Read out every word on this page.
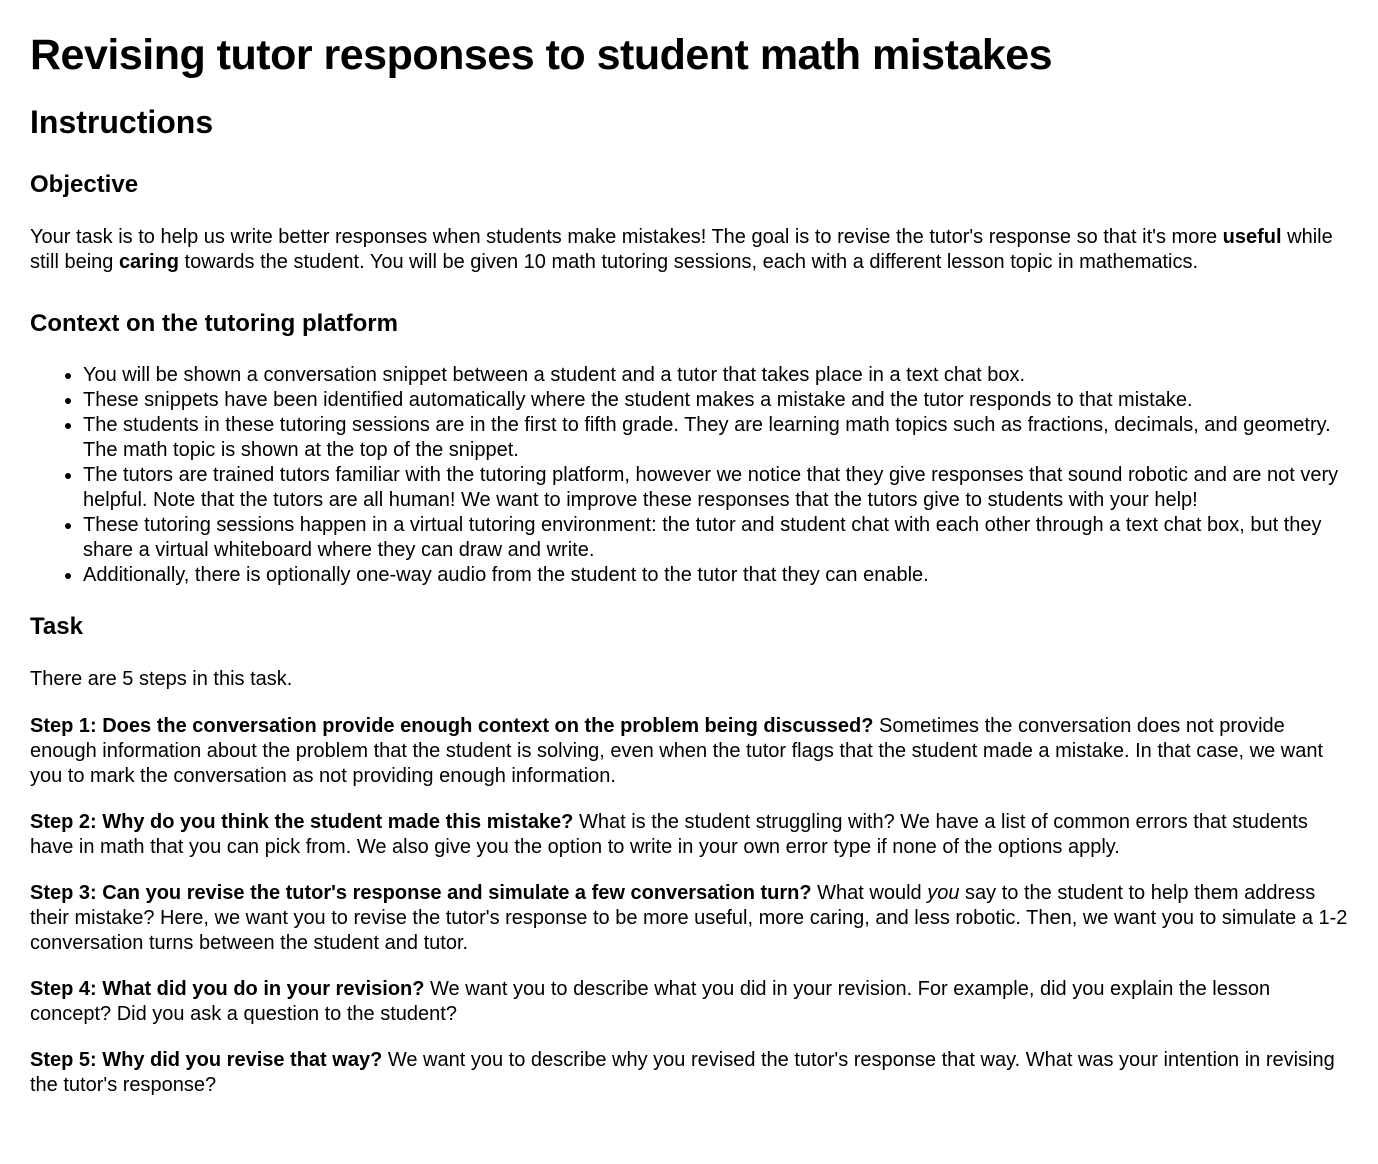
Revising tutor responses to student math mistakes
Instructions
Objective

Your task is to help us write better responses when students make mistakes! The goal is to revise the tutor's response so that it's more useful while still being caring towards the student. You will be given 10 math tutoring sessions, each with a different lesson topic in mathematics.

Context on the tutoring platform
• You will be shown a conversation snippet between a student and a tutor that takes place in a text chat box.
• These snippets have been identified automatically where the student makes a mistake and the tutor responds to that mistake.
• The students in these tutoring sessions are in the first to fifth grade. They are learning math topics such as fractions, decimals, and geometry. The math topic is shown at the top of the snippet.
• The tutors are trained tutors familiar with the tutoring platform, however we notice that they give responses that sound robotic and are not very helpful. Note that the tutors are all human! We want to improve these responses that the tutors give to students with your help!
• These tutoring sessions happen in a virtual tutoring environment: the tutor and student chat with each other through a text chat box, but they share a virtual whiteboard where they can draw and write.
• Additionally, there is optionally one-way audio from the student to the tutor that they can enable.
Task

There are 5 steps in this task.

Step 1: Does the conversation provide enough context on the problem being discussed? Sometimes the conversation does not provide enough information about the problem that the student is solving, even when the tutor flags that the student made a mistake. In that case, we want you to mark the conversation as not providing enough information.

Step 2: Why do you think the student made this mistake? What is the student struggling with? We have a list of common errors that students have in math that you can pick from. We also give you the option to write in your own error type if none of the options apply.

Step 3: Can you revise the tutor's response and simulate a few conversation turn? What would you say to the student to help them address their mistake? Here, we want you to revise the tutor's response to be more useful, more caring, and less robotic. Then, we want you to simulate a 1-2 conversation turns between the student and tutor.

Step 4: What did you do in your revision? We want you to describe what you did in your revision. For example, did you explain the lesson concept? Did you ask a question to the student?

Step 5: Why did you revise that way? We want you to describe why you revised the tutor's response that way. What was your intention in revising the tutor's response?
